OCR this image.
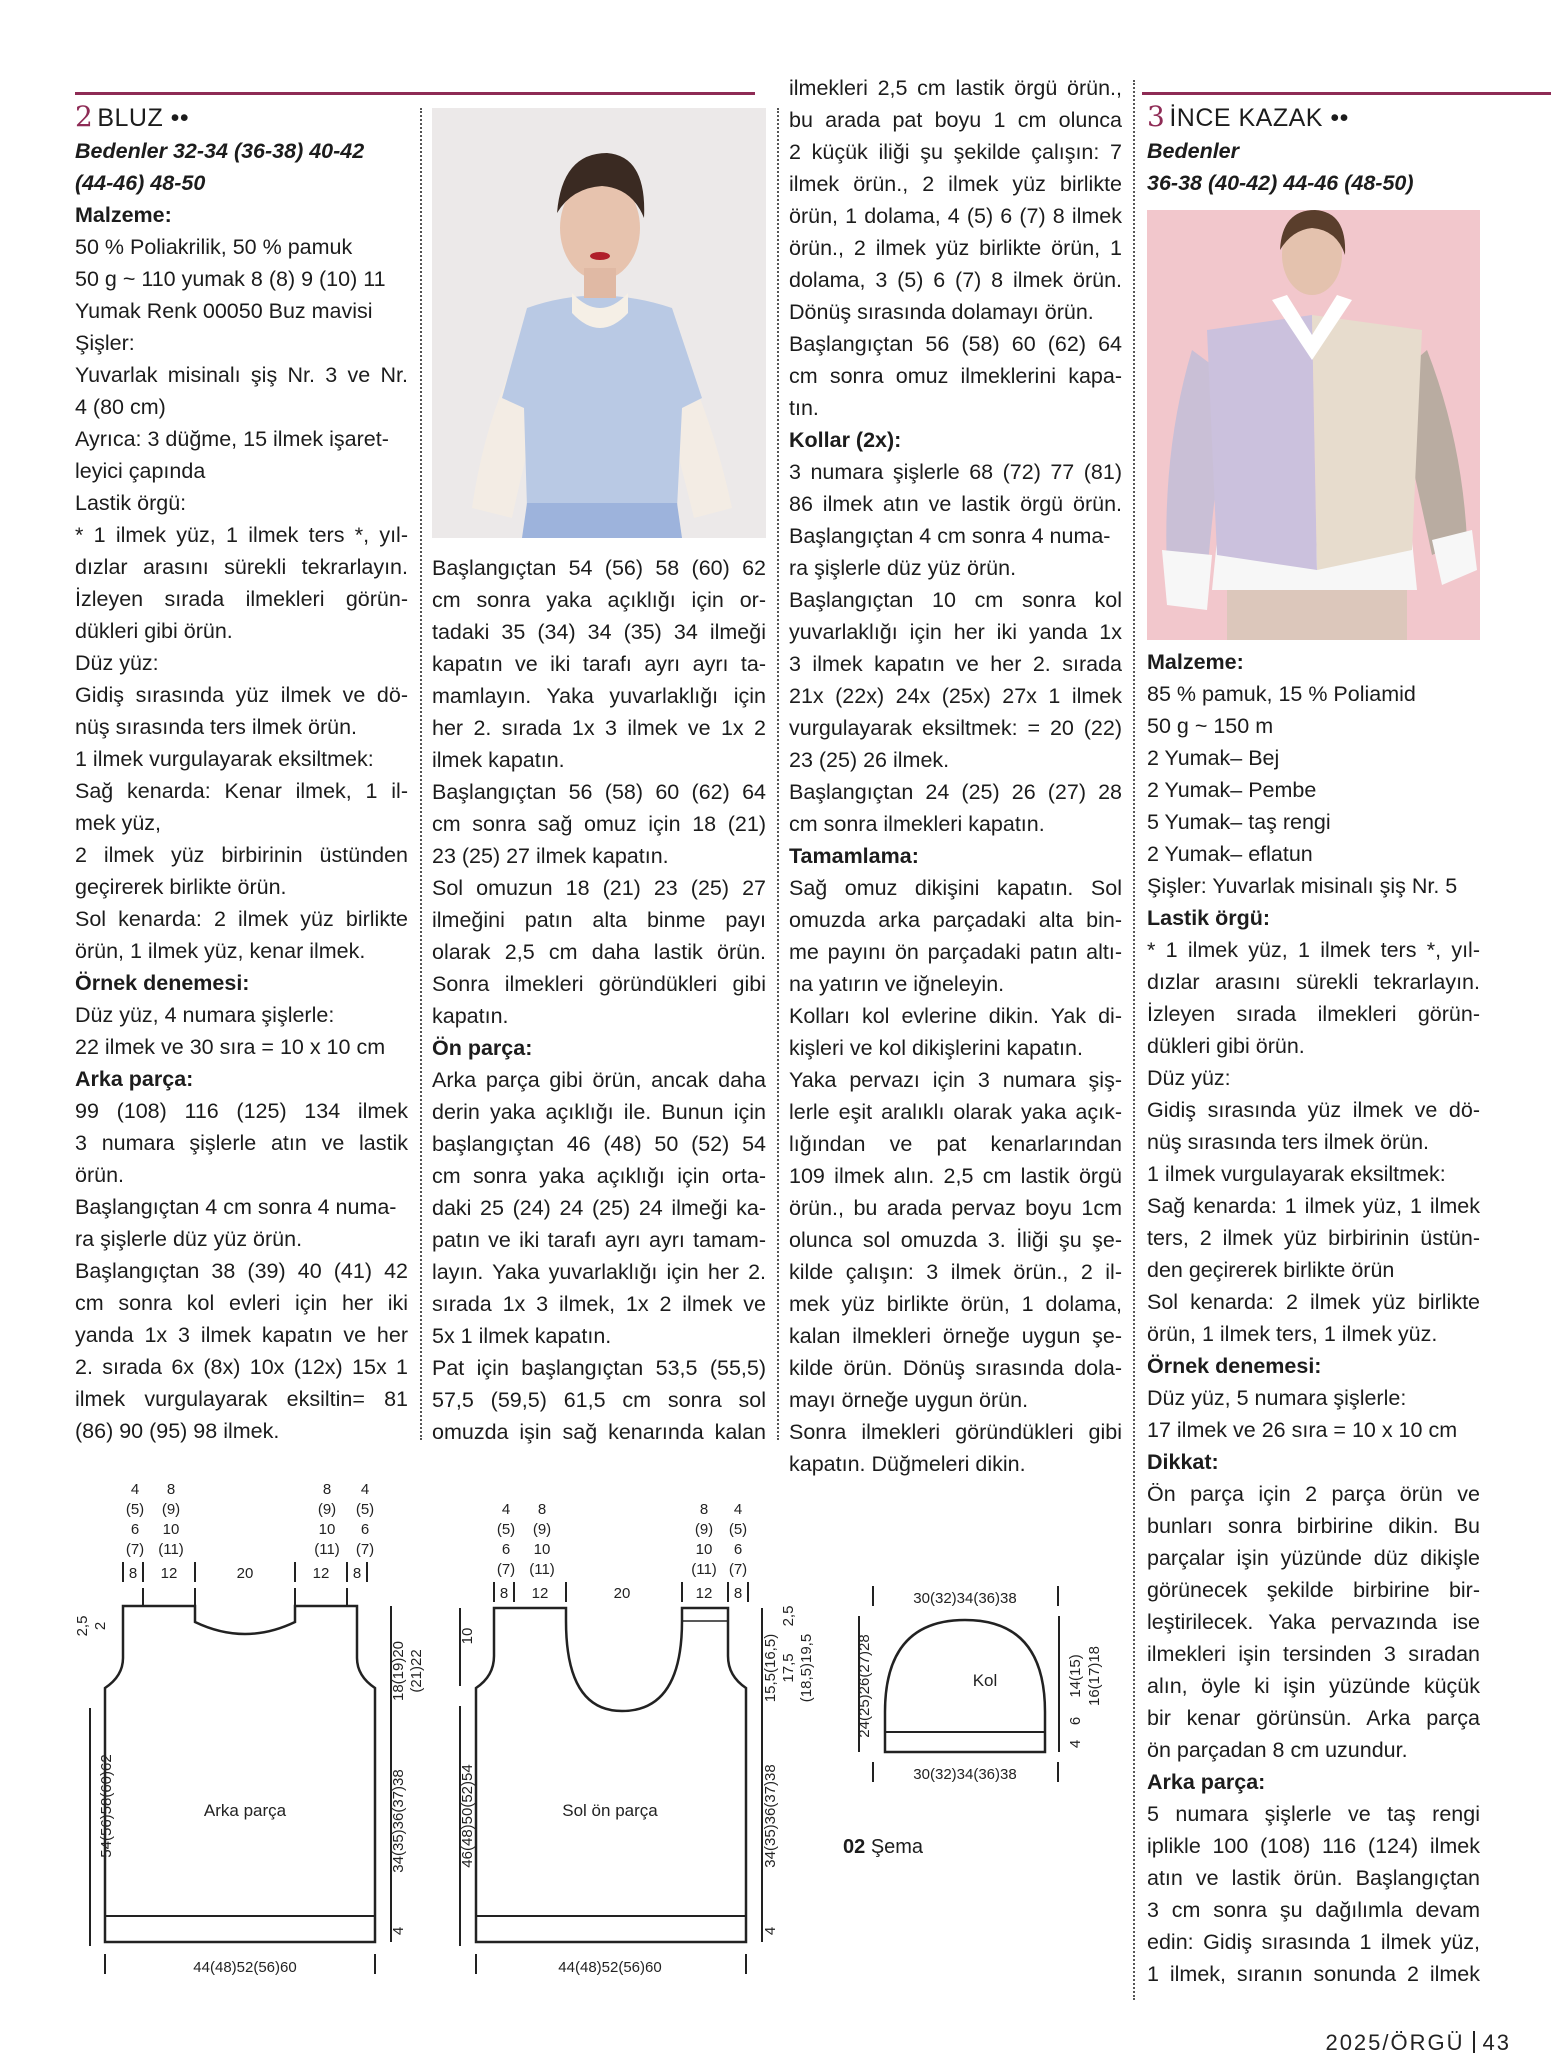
2 BLUZ ••

Bedenler 32-34 (36-38) 40-42

(44-46) 48-50

Malzeme:

50 % Poliakrilik, 50 % pamuk

50 g ~ 110 yumak 8 (8) 9 (10) 11

Yumak Renk 00050 Buz mavisi

Şişler:

Yuvarlak misinalı şiş Nr. 3 ve Nr.

4 (80 cm)

Ayrıca: 3 düğme, 15 ilmek işaret-

leyici çapında

Lastik örgü:

* 1 ilmek yüz, 1 ilmek ters *, yıl-

dızlar arasını sürekli tekrarlayın.

İzleyen sırada ilmekleri görün-

dükleri gibi örün.

Düz yüz:

Gidiş sırasında yüz ilmek ve dö-

nüş sırasında ters ilmek örün.

1 ilmek vurgulayarak eksiltmek:

Sağ kenarda: Kenar ilmek, 1 il-

mek yüz,

2 ilmek yüz birbirinin üstünden

geçirerek birlikte örün.

Sol kenarda: 2 ilmek yüz birlikte

örün, 1 ilmek yüz, kenar ilmek.

Örnek denemesi:

Düz yüz, 4 numara şişlerle:

22 ilmek ve 30 sıra = 10 x 10 cm

Arka parça:

99 (108) 116 (125) 134 ilmek

3 numara şişlerle atın ve lastik

örün.

Başlangıçtan 4 cm sonra 4 numa-

ra şişlerle düz yüz örün.

Başlangıçtan 38 (39) 40 (41) 42

cm sonra kol evleri için her iki

yanda 1x 3 ilmek kapatın ve her

2. sırada 6x (8x) 10x (12x) 15x 1

ilmek vurgulayarak eksiltin= 81

(86) 90 (95) 98 ilmek.

Başlangıçtan 54 (56) 58 (60) 62

cm sonra yaka açıklığı için or-

tadaki 35 (34) 34 (35) 34 ilmeği

kapatın ve iki tarafı ayrı ayrı ta-

mamlayın. Yaka yuvarlaklığı için

her 2. sırada 1x 3 ilmek ve 1x 2

ilmek kapatın.

Başlangıçtan 56 (58) 60 (62) 64

cm sonra sağ omuz için 18 (21)

23 (25) 27 ilmek kapatın.

Sol omuzun 18 (21) 23 (25) 27

ilmeğini patın alta binme payı

olarak 2,5 cm daha lastik örün.

Sonra ilmekleri göründükleri gibi

kapatın.

Ön parça:

Arka parça gibi örün, ancak daha

derin yaka açıklığı ile. Bunun için

başlangıçtan 46 (48) 50 (52) 54

cm sonra yaka açıklığı için orta-

daki 25 (24) 24 (25) 24 ilmeği ka-

patın ve iki tarafı ayrı ayrı tamam-

layın. Yaka yuvarlaklığı için her 2.

sırada 1x 3 ilmek, 1x 2 ilmek ve

5x 1 ilmek kapatın.

Pat için başlangıçtan 53,5 (55,5)

57,5 (59,5) 61,5 cm sonra sol

omuzda işin sağ kenarında kalan

ilmekleri 2,5 cm lastik örgü örün.,

bu arada pat boyu 1 cm olunca

2 küçük iliği şu şekilde çalışın: 7

ilmek örün., 2 ilmek yüz birlikte

örün, 1 dolama, 4 (5) 6 (7) 8 ilmek

örün., 2 ilmek yüz birlikte örün, 1

dolama, 3 (5) 6 (7) 8 ilmek örün.

Dönüş sırasında dolamayı örün.

Başlangıçtan 56 (58) 60 (62) 64

cm sonra omuz ilmeklerini kapa-

tın.

Kollar (2x):

3 numara şişlerle 68 (72) 77 (81)

86 ilmek atın ve lastik örgü örün.

Başlangıçtan 4 cm sonra 4 numa-

ra şişlerle düz yüz örün.

Başlangıçtan 10 cm sonra kol

yuvarlaklığı için her iki yanda 1x

3 ilmek kapatın ve her 2. sırada

21x (22x) 24x (25x) 27x 1 ilmek

vurgulayarak eksiltmek: = 20 (22)

23 (25) 26 ilmek.

Başlangıçtan 24 (25) 26 (27) 28

cm sonra ilmekleri kapatın.

Tamamlama:

Sağ omuz dikişini kapatın. Sol

omuzda arka parçadaki alta bin-

me payını ön parçadaki patın altı-

na yatırın ve iğneleyin.

Kolları kol evlerine dikin. Yak di-

kişleri ve kol dikişlerini kapatın.

Yaka pervazı için 3 numara şiş-

lerle eşit aralıklı olarak yaka açık-

lığından ve pat kenarlarından

109 ilmek alın. 2,5 cm lastik örgü

örün., bu arada pervaz boyu 1cm

olunca sol omuzda 3. İliği şu şe-

kilde çalışın: 3 ilmek örün., 2 il-

mek yüz birlikte örün, 1 dolama,

kalan ilmekleri örneğe uygun şe-

kilde örün. Dönüş sırasında dola-

mayı örneğe uygun örün.

Sonra ilmekleri göründükleri gibi

kapatın. Düğmeleri dikin.

3 İNCE KAZAK ••

Bedenler

36-38 (40-42) 44-46 (48-50)

Malzeme:

85 % pamuk, 15 % Poliamid

50 g ~ 150 m

2 Yumak– Bej

2 Yumak– Pembe

5 Yumak– taş rengi

2 Yumak– eflatun

Şişler: Yuvarlak misinalı şiş Nr. 5

Lastik örgü:

* 1 ilmek yüz, 1 ilmek ters *, yıl-

dızlar arasını sürekli tekrarlayın.

İzleyen sırada ilmekleri görün-

dükleri gibi örün.

Düz yüz:

Gidiş sırasında yüz ilmek ve dö-

nüş sırasında ters ilmek örün.

1 ilmek vurgulayarak eksiltmek:

Sağ kenarda: 1 ilmek yüz, 1 ilmek

ters, 2 ilmek yüz birbirinin üstün-

den geçirerek birlikte örün

Sol kenarda: 2 ilmek yüz birlikte

örün, 1 ilmek ters, 1 ilmek yüz.

Örnek denemesi:

Düz yüz, 5 numara şişlerle:

17 ilmek ve 26 sıra = 10 x 10 cm

Dikkat:

Ön parça için 2 parça örün ve

bunları sonra birbirine dikin. Bu

parçalar işin yüzünde düz dikişle

görünecek şekilde birbirine bir-

leştirilecek. Yaka pervazında ise

ilmekleri işin tersinden 3 sıradan

alın, öyle ki işin yüzünde küçük

bir kenar görünsün. Arka parça

ön parçadan 8 cm uzundur.

Arka parça:

5 numara şişlerle ve taş rengi

iplikle 100 (108) 116 (124) ilmek

atın ve lastik örün. Başlangıçtan

3 cm sonra şu dağılımla devam

edin: Gidiş sırasında 1 ilmek yüz,

1 ilmek, sıranın sonunda 2 ilmek

4
(5)
6
(7)
8
(9)
10
(11)
8
(9)
10
(11)
4
(5)
6
(7)
8 12	20	12 8
2,5 2
54(56)58(60)62
18(19)20 (21)22
34(35)36(37)38
4
Arka parça
44(48)52(56)60
4
(5)
6
(7)
8
(9)
10
(11)
8
(9)
10
(11)
4
(5)
6
(7)
8 12	20	12 8
10
46(48)50(52)54
15,5(16,5) 17,5
2,5
(18,5)19,5
34(35)36(37)38
4
Sol ön parça
44(48)52(56)60
30(32)34(36)38
Kol
24(25)26(27)28	14(15) 16(17)18
6
4
30(32)34(36)38
02 Şema
2025/ÖRGÜ 43
